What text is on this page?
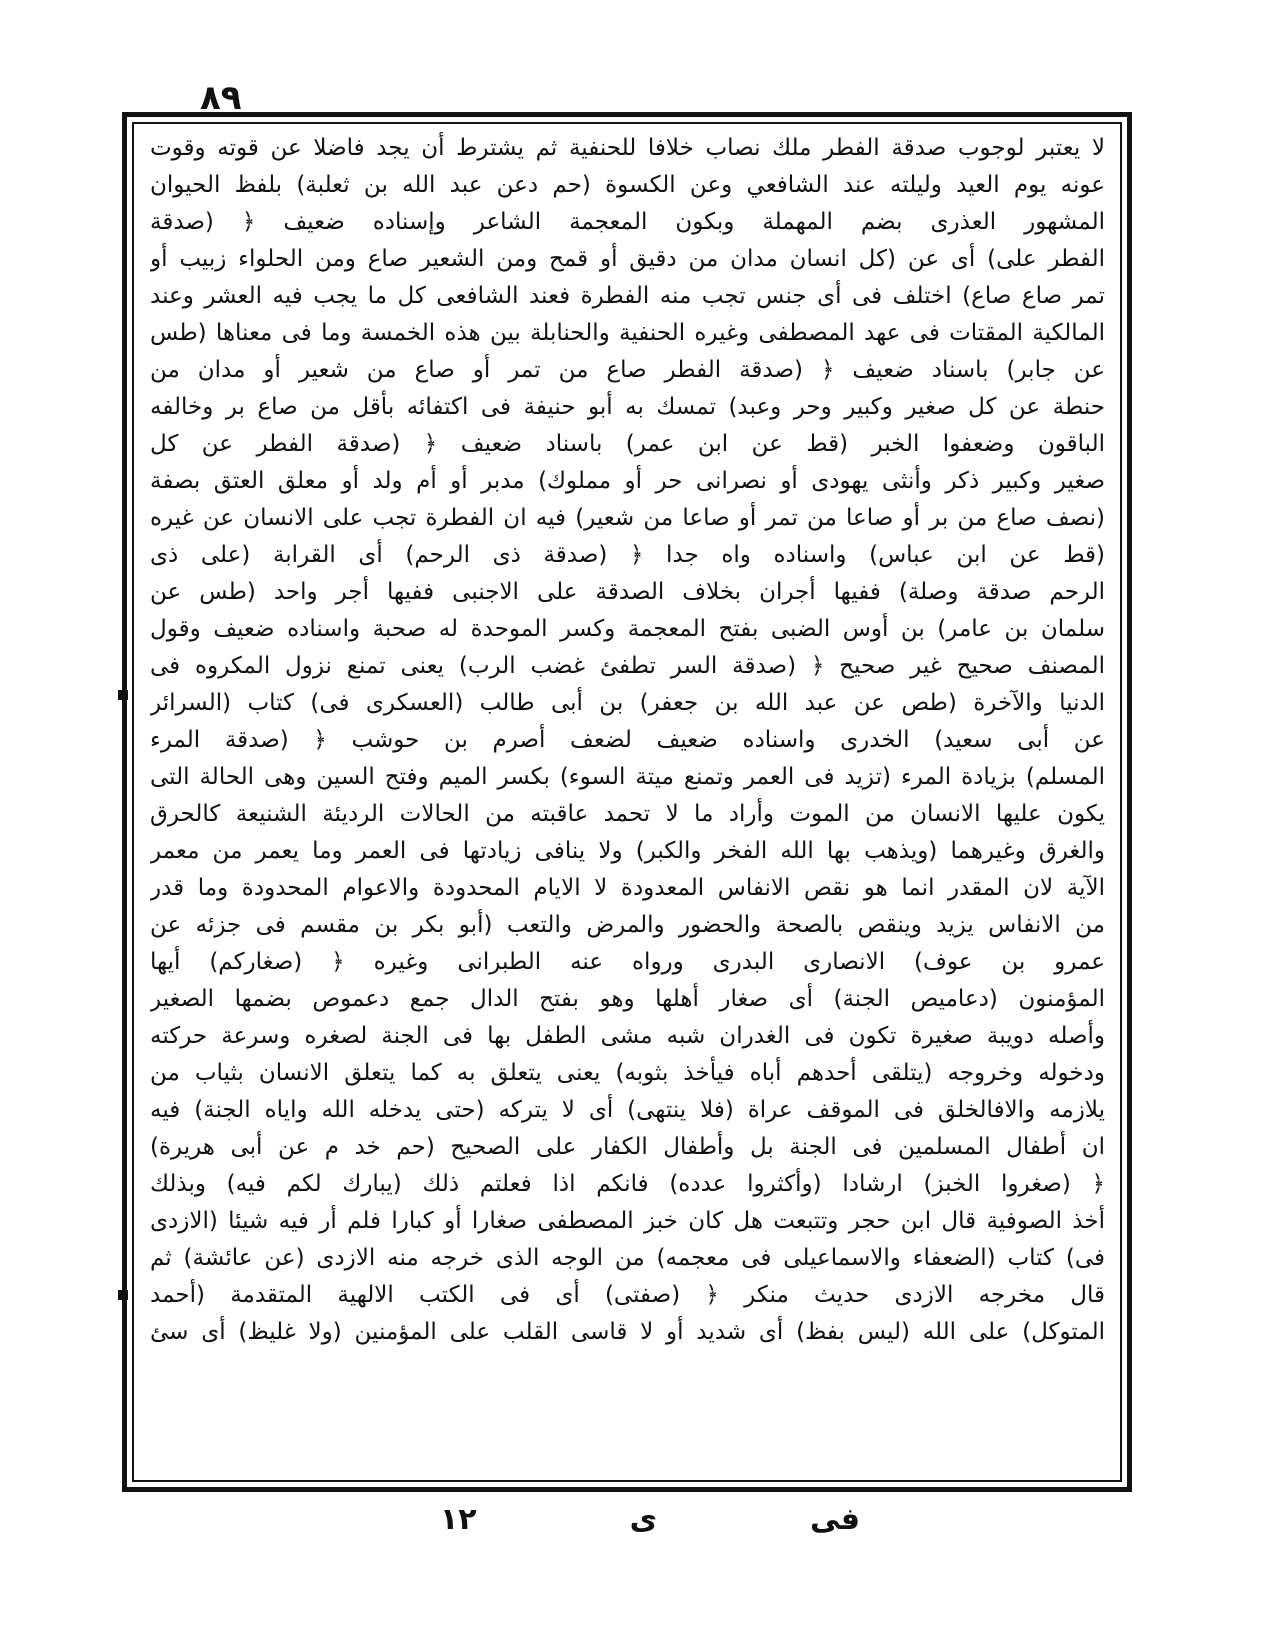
٨٩
لا يعتبر لوجوب صدقة الفطر ملك نصاب خلافا للحنفية ثم يشترط أن يجد فاضلا عن قوته وقوت
عونه يوم العيد وليلته عند الشافعي وعن الكسوة (حم دعن عبد الله بن ثعلبة) بلفظ الحيوان
المشهور العذرى بضم المهملة وبكون المعجمة الشاعر وإسناده ضعيف ﴿ (صدقة
الفطر على) أى عن (كل انسان مدان من دقيق أو قمح ومن الشعير صاع ومن الحلواء زبيب أو
تمر صاع صاع) اختلف فى أى جنس تجب منه الفطرة فعند الشافعى كل ما يجب فيه العشر وعند
المالكية المقتات فى عهد المصطفى وغيره الحنفية والحنابلة بين هذه الخمسة وما فى معناها (طس
عن جابر) باسناد ضعيف ﴿ (صدقة الفطر صاع من تمر أو صاع من شعير أو مدان من
حنطة عن كل صغير وكبير وحر وعبد) تمسك به أبو حنيفة فى اكتفائه بأقل من صاع بر وخالفه
الباقون وضعفوا الخبر (قط عن ابن عمر) باسناد ضعيف ﴿ (صدقة الفطر عن كل
صغير وكبير ذكر وأنثى يهودى أو نصرانى حر أو مملوك) مدبر أو أم ولد أو معلق العتق بصفة
(نصف صاع من بر أو صاعا من تمر أو صاعا من شعير) فيه ان الفطرة تجب على الانسان عن غيره
(قط عن ابن عباس) واسناده واه جدا ﴿ (صدقة ذى الرحم) أى القرابة (على ذى
الرحم صدقة وصلة) ففيها أجران بخلاف الصدقة على الاجنبى ففيها أجر واحد (طس عن
سلمان بن عامر) بن أوس الضبى بفتح المعجمة وكسر الموحدة له صحبة واسناده ضعيف وقول
المصنف صحيح غير صحيح ﴿ (صدقة السر تطفئ غضب الرب) يعنى تمنع نزول المكروه فى
الدنيا والآخرة (طص عن عبد الله بن جعفر) بن أبى طالب (العسكرى فى) كتاب (السرائر
عن أبى سعيد) الخدرى واسناده ضعيف لضعف أصرم بن حوشب ﴿ (صدقة المرء
المسلم) بزيادة المرء (تزيد فى العمر وتمنع ميتة السوء) بكسر الميم وفتح السين وهى الحالة التى
يكون عليها الانسان من الموت وأراد ما لا تحمد عاقبته من الحالات الرديئة الشنيعة كالحرق
والغرق وغيرهما (ويذهب بها الله الفخر والكبر) ولا ينافى زيادتها فى العمر وما يعمر من معمر
الآية لان المقدر انما هو نقص الانفاس المعدودة لا الايام المحدودة والاعوام المحدودة وما قدر
من الانفاس يزيد وينقص بالصحة والحضور والمرض والتعب (أبو بكر بن مقسم فى جزئه عن
عمرو بن عوف) الانصارى البدرى ورواه عنه الطبرانى وغيره ﴿ (صغاركم) أيها
المؤمنون (دعاميص الجنة) أى صغار أهلها وهو بفتح الدال جمع دعموص بضمها الصغير
وأصله دويبة صغيرة تكون فى الغدران شبه مشى الطفل بها فى الجنة لصغره وسرعة حركته
ودخوله وخروجه (يتلقى أحدهم أباه فيأخذ بثوبه) يعنى يتعلق به كما يتعلق الانسان بثياب من
يلازمه والافالخلق فى الموقف عراة (فلا ينتهى) أى لا يتركه (حتى يدخله الله واياه الجنة) فيه
ان أطفال المسلمين فى الجنة بل وأطفال الكفار على الصحيح (حم خد م عن أبى هريرة)
﴿ (صغروا الخبز) ارشادا (وأكثروا عدده) فانكم اذا فعلتم ذلك (يبارك لكم فيه) وبذلك
أخذ الصوفية قال ابن حجر وتتبعت هل كان خبز المصطفى صغارا أو كبارا فلم أر فيه شيئا (الازدى
فى) كتاب (الضعفاء والاسماعيلى فى معجمه) من الوجه الذى خرجه منه الازدى (عن عائشة) ثم
قال مخرجه الازدى حديث منكر ﴿ (صفتى) أى فى الكتب الالهية المتقدمة (أحمد
المتوكل) على الله (ليس بفظ) أى شديد أو لا قاسى القلب على المؤمنين (ولا غليظ) أى سئ
فى
ى
١٢
